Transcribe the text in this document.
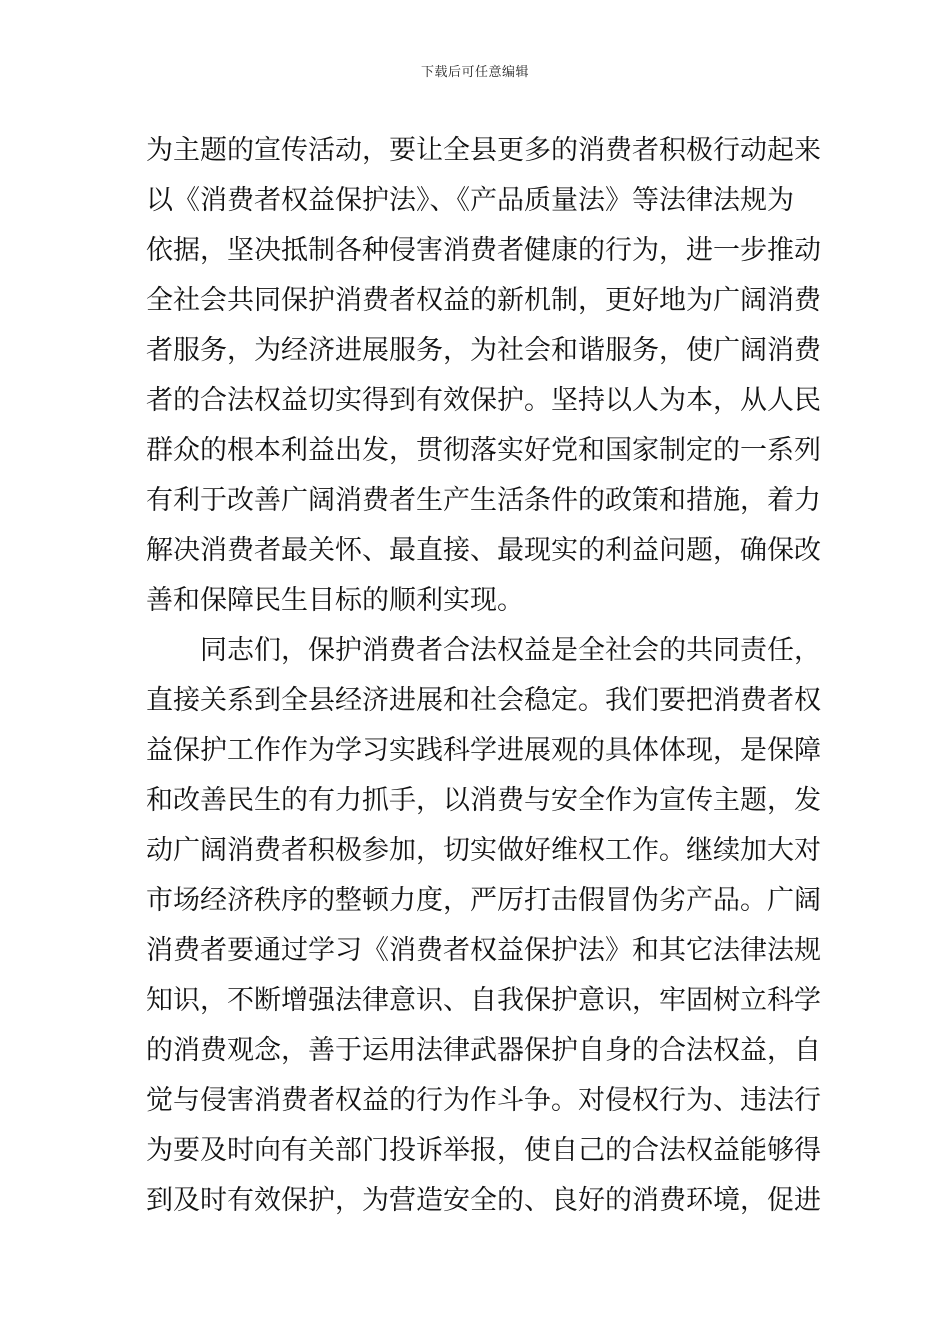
下载后可任意编辑
为主题的宣传活动，要让全县更多的消费者积极行动起来
以《消费者权益保护法》、《产品质量法》等法律法规为
依据，坚决抵制各种侵害消费者健康的行为，进一步推动
全社会共同保护消费者权益的新机制，更好地为广阔消费
者服务，为经济进展服务，为社会和谐服务，使广阔消费
者的合法权益切实得到有效保护。坚持以人为本，从人民
群众的根本利益出发，贯彻落实好党和国家制定的一系列
有利于改善广阔消费者生产生活条件的政策和措施，着力
解决消费者最关怀、最直接、最现实的利益问题，确保改
善和保障民生目标的顺利实现。
　　同志们，保护消费者合法权益是全社会的共同责任，
直接关系到全县经济进展和社会稳定。我们要把消费者权
益保护工作作为学习实践科学进展观的具体体现，是保障
和改善民生的有力抓手，以消费与安全作为宣传主题，发
动广阔消费者积极参加，切实做好维权工作。继续加大对
市场经济秩序的整顿力度，严厉打击假冒伪劣产品。广阔
消费者要通过学习《消费者权益保护法》和其它法律法规
知识，不断增强法律意识、自我保护意识，牢固树立科学
的消费观念，善于运用法律武器保护自身的合法权益，自
觉与侵害消费者权益的行为作斗争。对侵权行为、违法行
为要及时向有关部门投诉举报，使自己的合法权益能够得
到及时有效保护，为营造安全的、良好的消费环境，促进
